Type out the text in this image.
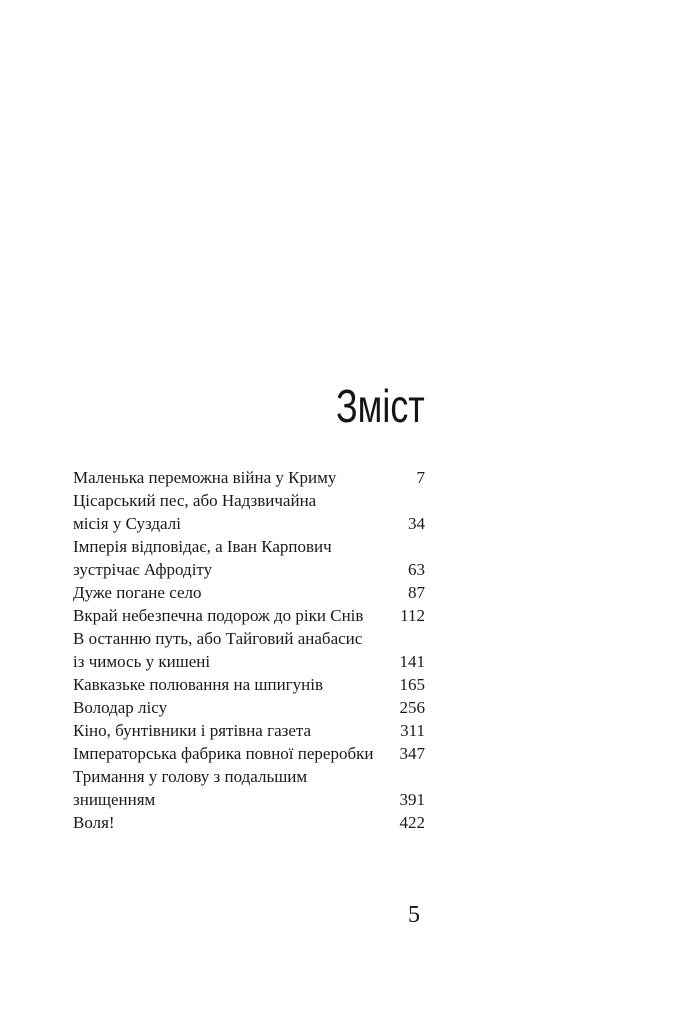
Зміст
Маленька переможна війна у Криму	7
Цісарський пес, або Надзвичайна
місія у Суздалі	34
Імперія відповідає, а Іван Карпович
зустрічає Афродіту	63
Дуже погане село	87
Вкрай небезпечна подорож до ріки Снів	112
В останню путь, або Тайговий анабасис
із чимось у кишені	141
Кавказьке полювання на шпигунів	165
Володар лісу	256
Кіно, бунтівники і рятівна газета	311
Імператорська фабрика повної переробки	347
Тримання у голову з подальшим
знищенням	391
Воля!	422
5
